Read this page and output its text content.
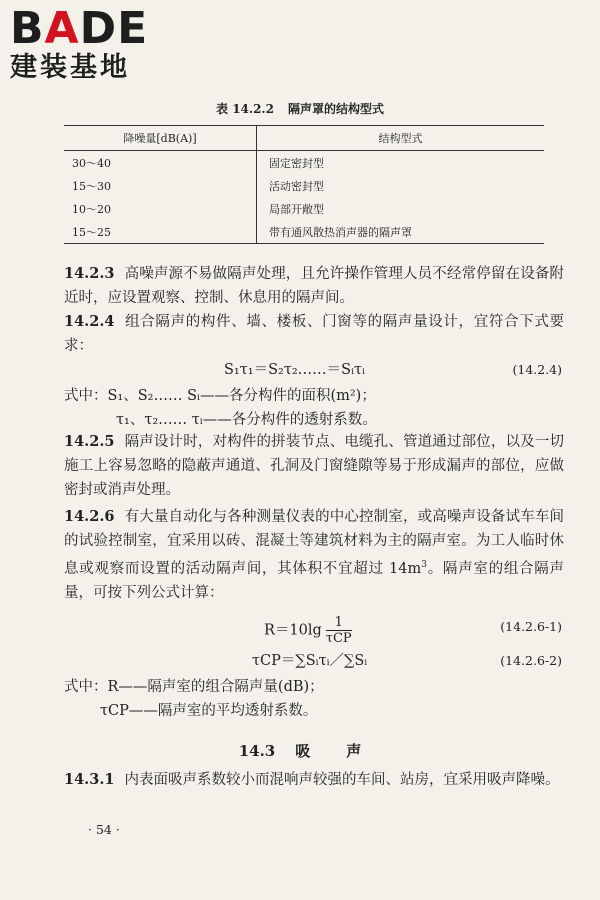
BADE
建装基地
表 14.2.2 隔声罩的结构型式
降噪量[dB(A)]	结构型式
30～40	固定密封型
15～30	活动密封型
10～20	局部开敞型
15～25	带有通风散热消声器的隔声罩

14.2.3 高噪声源不易做隔声处理，且允许操作管理人员不经常停留在设备附近时，应设置观察、控制、休息用的隔声间。

14.2.4 组合隔声的构件、墙、楼板、门窗等的隔声量设计，宜符合下式要求：

S₁τ₁＝S₂τ₂……＝Sᵢτᵢ	(14.2.4)
式中：S₁、S₂…… Sᵢ——各分构件的面积(m²)；
τ₁、τ₂…… τᵢ——各分构件的透射系数。

14.2.5 隔声设计时，对构件的拼装节点、电缆孔、管道通过部位，以及一切施工上容易忽略的隐蔽声通道、孔洞及门窗缝隙等易于形成漏声的部位，应做密封或消声处理。

14.2.6 有大量自动化与各种测量仪表的中心控制室，或高噪声设备试车车间的试验控制室，宜采用以砖、混凝土等建筑材料为主的隔声室。为工人临时休息或观察而设置的活动隔声间，其体积不宜超过 $14m^3$。隔声室的组合隔声量，可按下列公式计算：

$R=10\lg \frac{1}{\text{τCP}}$	(14.2.6-1)
τCP＝∑Sᵢτᵢ／∑Sᵢ	(14.2.6-2)
式中：R——隔声室的组合隔声量(dB)；
τCP——隔声室的平均透射系数。
14.3 吸 声

14.3.1 内表面吸声系数较小而混响声较强的车间、站房，宜采用吸声降噪。

· 54 ·
